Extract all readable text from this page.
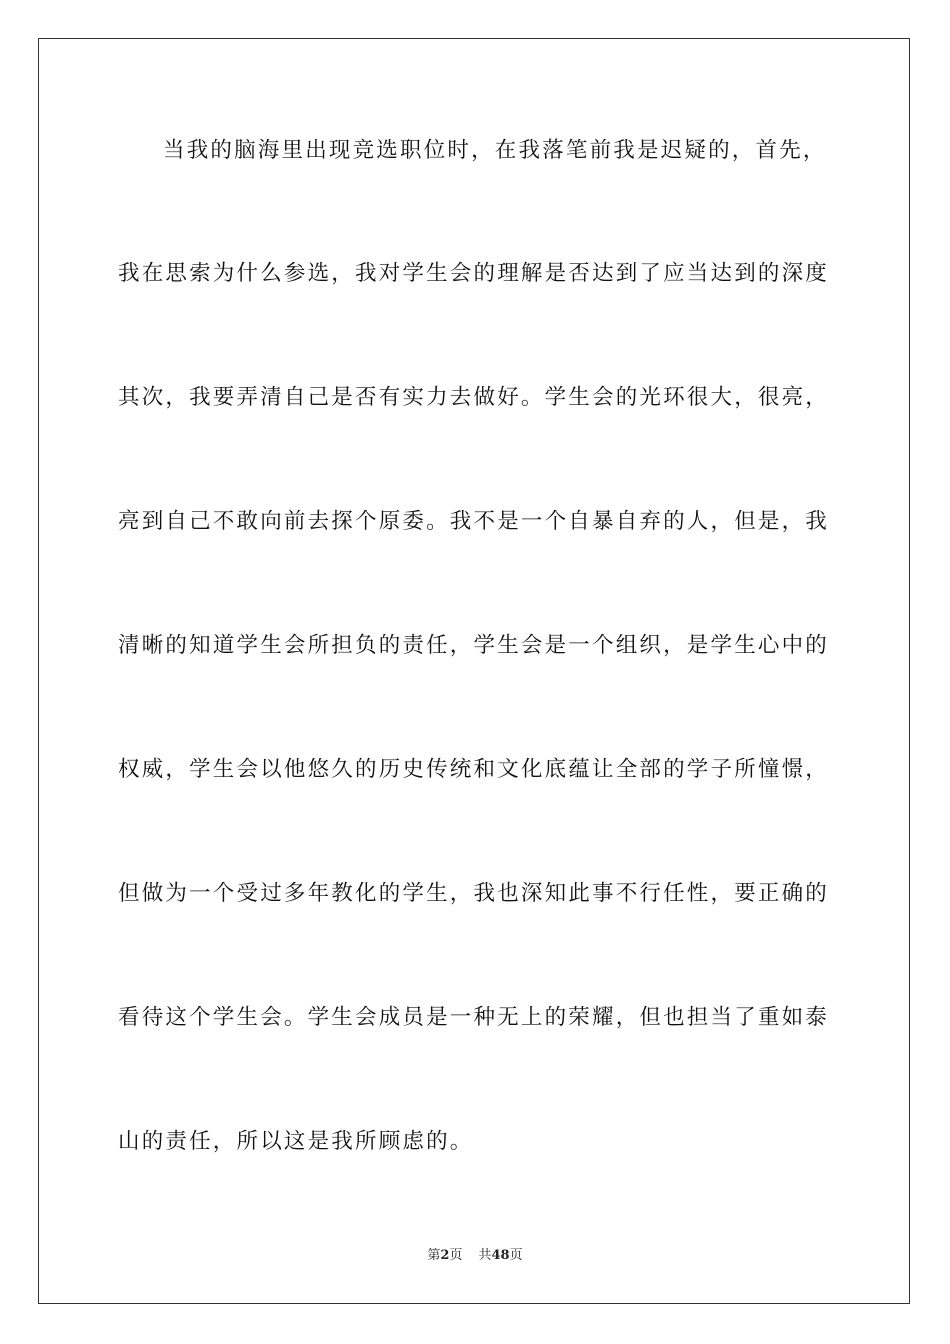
当我的脑海里出现竞选职位时，在我落笔前我是迟疑的，首先，
我在思索为什么参选，我对学生会的理解是否达到了应当达到的深度
其次，我要弄清自己是否有实力去做好。学生会的光环很大，很亮，
亮到自己不敢向前去探个原委。我不是一个自暴自弃的人，但是，我
清晰的知道学生会所担负的责任，学生会是一个组织，是学生心中的
权威，学生会以他悠久的历史传统和文化底蕴让全部的学子所憧憬，
但做为一个受过多年教化的学生，我也深知此事不行任性，要正确的
看待这个学生会。学生会成员是一种无上的荣耀，但也担当了重如泰
山的责任，所以这是我所顾虑的。
第2页 共48页
